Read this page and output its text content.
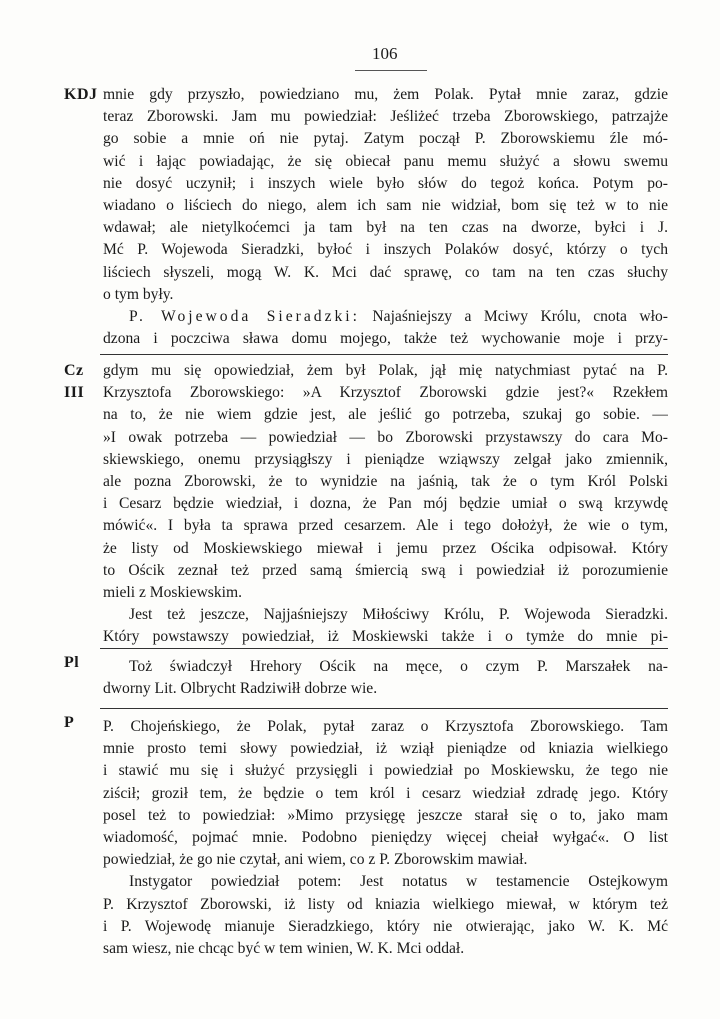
106
KDJ mnie gdy przyszło, powiedziano mu, żem Polak. Pytał mnie zaraz, gdzie
teraz Zborowski. Jam mu powiedział: Jeśliżeć trzeba Zborowskiego, patrzajże
go sobie a mnie oń nie pytaj. Zatym począł P. Zborowskiemu źle mó-
wić i łając powiadając, że się obiecał panu memu służyć a słowu swemu
nie dosyć uczynił; i inszych wiele było słów do tegoż końca. Potym po-
wiadano o liściech do niego, alem ich sam nie widział, bom się też w to nie
wdawał; ale nietylkoćemci ja tam był na ten czas na dworze, byłci i J.
Mć P. Wojewoda Sieradzki, byłoć i inszych Polaków dosyć, którzy o tych
liściech słyszeli, mogą W. K. Mci dać sprawę, co tam na ten czas słuchy
o tym były.
P. Wojewoda Sieradzki: Najaśniejszy a Mciwy Królu, cnota wło-
dzona i poczciwa sława domu mojego, także też wychowanie moje i przy-
Cz
III
gdym mu się opowiedział, żem był Polak, jął mię natychmiast pytać na P.
Krzysztofa Zborowskiego: »A Krzysztof Zborowski gdzie jest?« Rzekłem
na to, że nie wiem gdzie jest, ale jeślić go potrzeba, szukaj go sobie. —
»I owak potrzeba — powiedział — bo Zborowski przystawszy do cara Mo-
skiewskiego, onemu przysiągłszy i pieniądze wziąwszy zelgał jako zmiennik,
ale pozna Zborowski, że to wynidzie na jaśnią, tak że o tym Król Polski
i Cesarz będzie wiedział, i dozna, że Pan mój będzie umiał o swą krzywdę
mówić«. I była ta sprawa przed cesarzem. Ale i tego dołożył, że wie o tym,
że listy od Moskiewskiego miewał i jemu przez Ościka odpisował. Który
to Ościk zeznał też przed samą śmiercią swą i powiedział iż porozumienie
mieli z Moskiewskim.
Jest też jeszcze, Najjaśniejszy Miłościwy Królu, P. Wojewoda Sieradzki.
Który powstawszy powiedział, iż Moskiewski także i o tymże do mnie pi-
Pl	Toż świadczył Hrehory Ościk na męce, o czym P. Marszałek na-
dworny Lit. Olbrycht Radziwiłł dobrze wie.
P P. Chojeńskiego, że Polak, pytał zaraz o Krzysztofa Zborowskiego. Tam
mnie prosto temi słowy powiedział, iż wziął pieniądze od kniazia wielkiego
i stawić mu się i służyć przysięgli i powiedział po Moskiewsku, że tego nie
ziścił; groził tem, że będzie o tem król i cesarz wiedział zdradę jego. Który
posel też to powiedział: »Mimo przysięgę jeszcze starał się o to, jako mam
wiadomość, pojmać mnie. Podobno pieniędzy więcej cheiał wyłgać«. O list
powiedział, że go nie czytał, ani wiem, co z P. Zborowskim mawiał.
Instygator powiedział potem: Jest notatus w testamencie Ostejkowym
P. Krzysztof Zborowski, iż listy od kniazia wielkiego miewał, w którym też
i P. Wojewodę mianuje Sieradzkiego, który nie otwierając, jako W. K. Mć
sam wiesz, nie chcąc być w tem winien, W. K. Mci oddał.
